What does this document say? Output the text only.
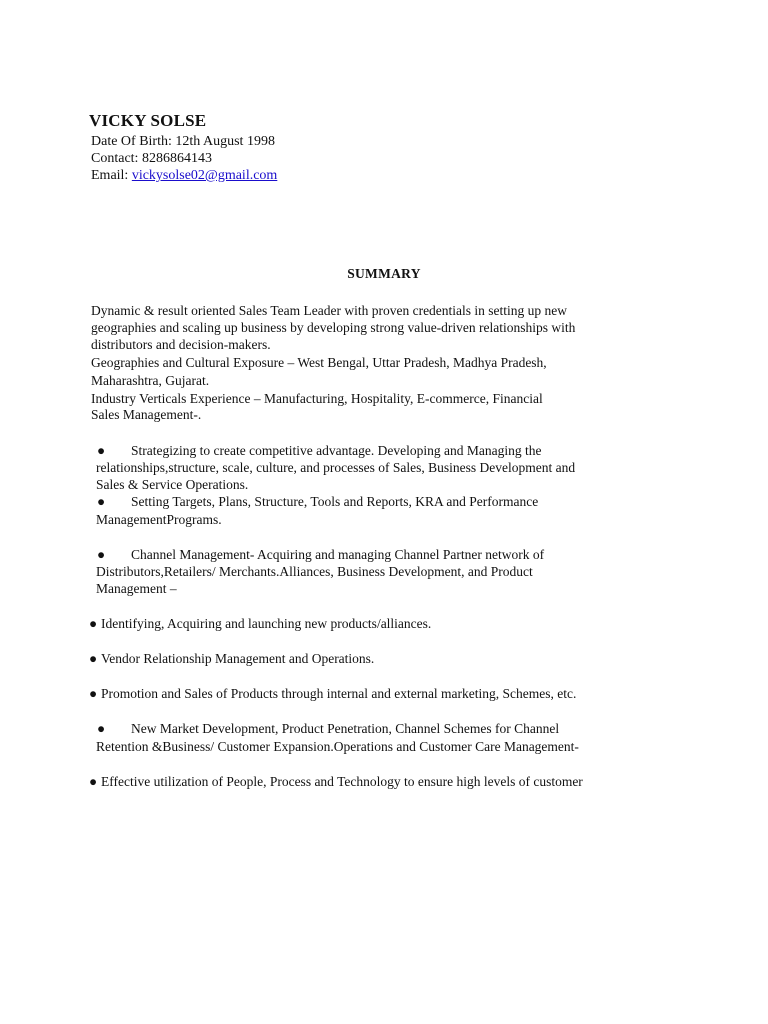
VICKY SOLSE
Date Of Birth: 12th August 1998
Contact: 8286864143
Email: vickysolse02@gmail.com
SUMMARY
Dynamic & result oriented Sales Team Leader with proven credentials in setting up new
geographies and scaling up business by developing strong value-driven relationships with
distributors and decision-makers.
Geographies and Cultural Exposure – West Bengal, Uttar Pradesh, Madhya Pradesh,
Maharashtra, Gujarat.
Industry Verticals Experience – Manufacturing, Hospitality, E-commerce, Financial
Sales Management-.
● Strategizing to create competitive advantage. Developing and Managing the
relationships,structure, scale, culture, and processes of Sales, Business Development and
Sales & Service Operations.
● Setting Targets, Plans, Structure, Tools and Reports, KRA and Performance
ManagementPrograms.
● Channel Management- Acquiring and managing Channel Partner network of
Distributors,Retailers/ Merchants.Alliances, Business Development, and Product
Management –
● Identifying, Acquiring and launching new products/alliances.
● Vendor Relationship Management and Operations.
● Promotion and Sales of Products through internal and external marketing, Schemes, etc.
● New Market Development, Product Penetration, Channel Schemes for Channel
Retention &Business/ Customer Expansion.Operations and Customer Care Management-
● Effective utilization of People, Process and Technology to ensure high levels of customer
